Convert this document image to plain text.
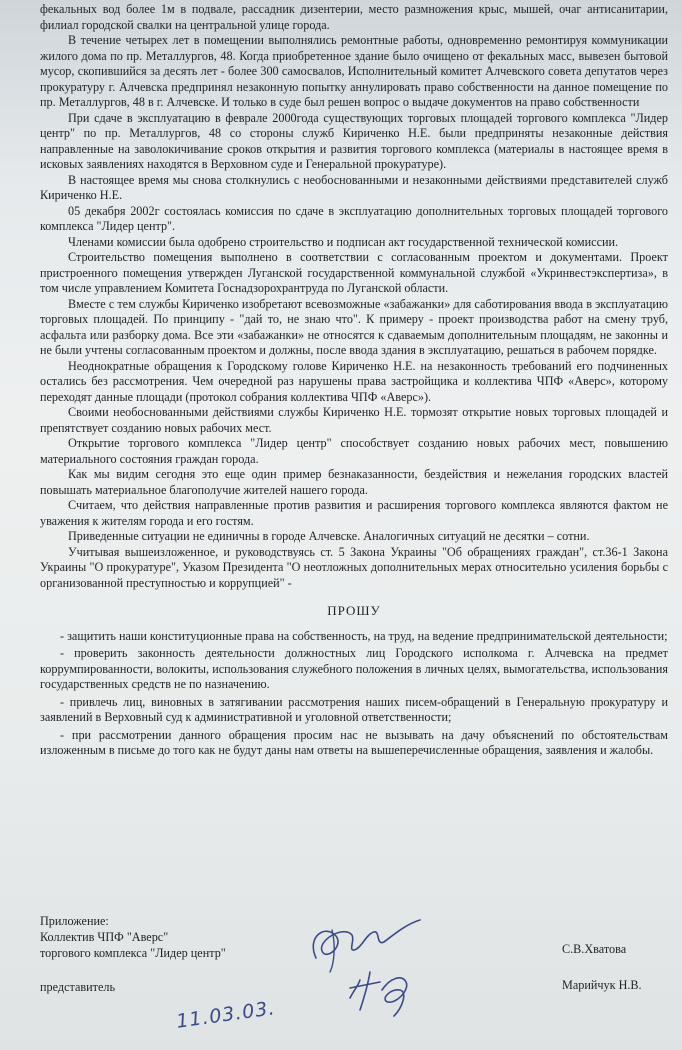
фекальных вод более 1м в подвале, рассадник дизентерии, место размножения крыс, мышей, очаг антисанитарии, филиал городской свалки на центральной улице города.

В течение четырех лет в помещении выполнялись ремонтные работы, одновременно ремонтируя коммуникации жилого дома по пр. Металлургов, 48. Когда приобретенное здание было очищено от фекальных масс, вывезен бытовой мусор, скопившийся за десять лет - более 300 самосвалов, Исполнительный комитет Алчевского совета депутатов через прокуратуру г. Алчевска предпринял незаконную попытку аннулировать право собственности на данное помещение по пр. Металлургов, 48 в г. Алчевске. И только в суде был решен вопрос о выдаче документов на право собственности

При сдаче в эксплуатацию в феврале 2000года существующих торговых площадей торгового комплекса "Лидер центр" по пр. Металлургов, 48 со стороны служб Кириченко Н.Е. были предприняты незаконные действия направленные на заволокичивание сроков открытия и развития торгового комплекса (материалы в настоящее время в исковых заявлениях находятся в Верховном суде и Генеральной прокуратуре).

В настоящее время мы снова столкнулись с необоснованными и незаконными действиями представителей служб Кириченко Н.Е.

05 декабря 2002г состоялась комиссия по сдаче в эксплуатацию дополнительных торговых площадей торгового комплекса "Лидер центр".

Членами комиссии была одобрено строительство и подписан акт государственной технической комиссии.

Строительство помещения выполнено в соответствии с согласованным проектом и документами. Проект пристроенного помещения утвержден Луганской государственной коммунальной службой «Укринвестэкспертиза», в том числе управлением Комитета Госнадзорохрантруда по Луганской области.

Вместе с тем службы Кириченко изобретают всевозможные «забажанки» для саботирования ввода в эксплуатацию торговых площадей. По принципу - "дай то, не знаю что". К примеру - проект производства работ на смену труб, асфальта или разборку дома. Все эти «забажанки» не относятся к сдаваемым дополнительным площадям, не законны и не были учтены согласованным проектом и должны, после ввода здания в эксплуатацию, решаться в рабочем порядке.

Неоднократные обращения к Городскому голове Кириченко Н.Е. на незаконность требований его подчиненных остались без рассмотрения. Чем очередной раз нарушены права застройщика и коллектива ЧПФ «Аверс», которому переходят данные площади (протокол собрания коллектива ЧПФ «Аверс»).

Своими необоснованными действиями службы Кириченко Н.Е. тормозят открытие новых торговых площадей и препятствует созданию новых рабочих мест.

Открытие торгового комплекса "Лидер центр" способствует созданию новых рабочих мест, повышению материального состояния граждан города.

Как мы видим сегодня это еще один пример безнаказанности, бездействия и нежелания городских властей повышать материальное благополучие жителей нашего города.

Считаем, что действия направленные против развития и расширения торгового комплекса являются фактом не уважения к жителям города и его гостям.

Приведенные ситуации не единичны в городе Алчевске. Аналогичных ситуаций не десятки – сотни.

Учитывая вышеизложенное, и руководствуясь ст. 5 Закона Украины "Об обращениях граждан", ст.36-1 Закона Украины "О прокуратуре", Указом Президента "О неотложных дополнительных мерах относительно усиления борьбы с организованной преступностью и коррупцией" -

ПРОШУ

- защитить наши конституционные права на собственность, на труд, на ведение предпринимательской деятельности;

- проверить законность деятельности должностных лиц Городского исполкома г. Алчевска на предмет коррумпированности, волокиты, использования служебного положения в личных целях, вымогательства, использования государственных средств не по назначению.

- привлечь лиц, виновных в затягивании рассмотрения наших писем-обращений в Генеральную прокуратуру и заявлений в Верховный суд к административной и уголовной ответственности;

- при рассмотрении данного обращения просим нас не вызывать на дачу объяснений по обстоятельствам изложенным в письме до того как не будут даны нам ответы на вышеперечисленные обращения, заявления и жалобы.

Приложение:
Коллектив ЧПФ "Аверс"
торгового комплекса "Лидер центр"	С.В.Хватова
представитель	Марийчук Н.В.
11.03.03.
